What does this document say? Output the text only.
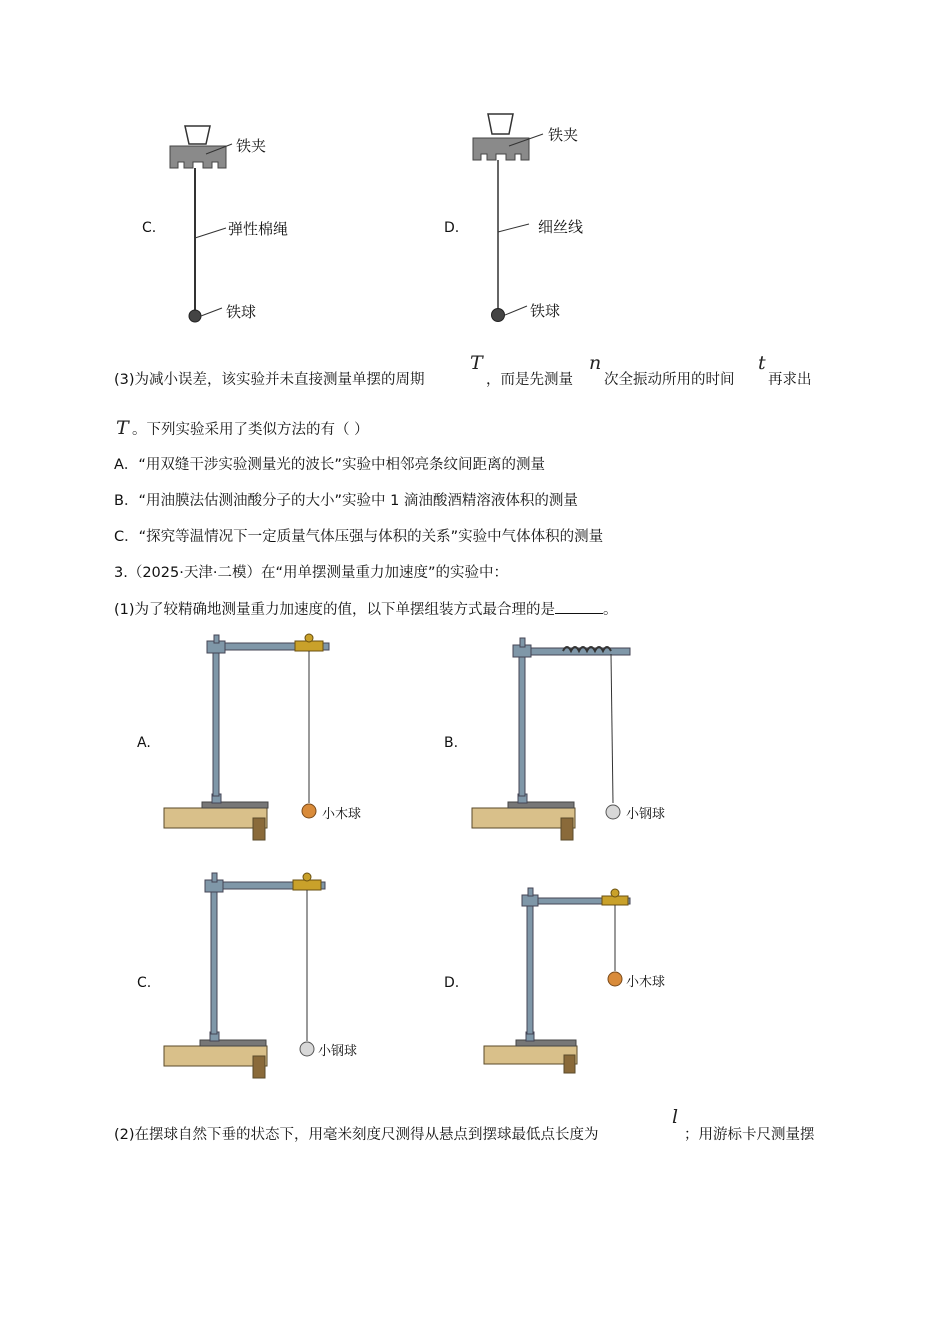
C.
铁夹
弹性棉绳
铁球
D.
铁夹
细丝线
铁球
(3)为减小误差，该实验并未直接测量单摆的周期
T
，而是先测量
n
次全振动所用的时间
t
再求出
T 。下列实验采用了类似方法的有（ ）
A．“用双缝干涉实验测量光的波长”实验中相邻亮条纹间距离的测量
B．“用油膜法估测油酸分子的大小”实验中 1 滴油酸酒精溶液体积的测量
C．“探究等温情况下一定质量气体压强与体积的关系”实验中气体体积的测量
3.（2025·天津·二模）在“用单摆测量重力加速度”的实验中：
(1)为了较精确地测量重力加速度的值，以下单摆组装方式最合理的是	。
A.
小木球
B.
小钢球
C.
小钢球
D.	小木球
(2)在摆球自然下垂的状态下，用毫米刻度尺测得从悬点到摆球最低点长度为
l
；用游标卡尺测量摆
